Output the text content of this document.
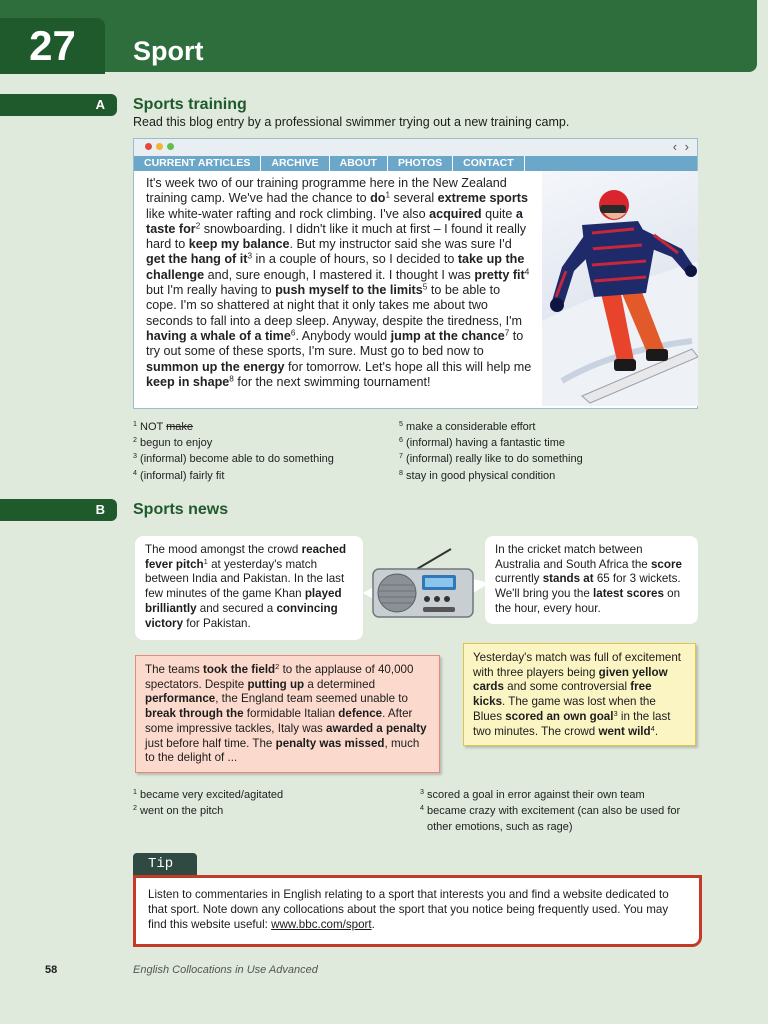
27	Sport
A	Sports training
Read this blog entry by a professional swimmer trying out a new training camp.
‹ ›
CURRENT ARTICLES	ARCHIVE	ABOUT	PHOTOS	CONTACT
It's week two of our training programme here in the New Zealand training camp. We've had the chance to $do^1$ several extreme sports like white-water rafting and rock climbing. I've also acquired quite a taste for$^2$ snowboarding. I didn't like it much at first – I found it really hard to keep my balance. But my instructor said she was sure I'd get the hang of $it^3$ in a couple of hours, so I decided to take up the challenge and, sure enough, I mastered it. I thought I was pretty fit$^4$ but I'm really having to push myself to the limits$^5$ to be able to cope. I'm so shattered at night that it only takes me about two seconds to fall into a deep sleep. Anyway, despite the tiredness, I'm having a whale of a time$^6$. Anybody would jump at the chance$^7$ to try out some of these sports, I'm sure. Must go to bed now to summon up the energy for tomorrow. Let's hope all this will help me keep in shape$^8$ for the next swimming tournament!
$^1$ NOT make
$^2$ begun to enjoy
$^3$ (informal) become able to do something
$^4$ (informal) fairly fit
$^5$ make a considerable effort
$^6$ (informal) having a fantastic time
$^7$ (informal) really like to do something
$^8$ stay in good physical condition
B	Sports news
The mood amongst the crowd reached fever pitch$^1$ at yesterday's match between India and Pakistan. In the last few minutes of the game Khan played brilliantly and secured a convincing victory for Pakistan.
In the cricket match between Australia and South Africa the score currently stands at 65 for 3 wickets. We'll bring you the latest scores on the hour, every hour.
The teams took the field$^2$ to the applause of 40,000 spectators. Despite putting up a determined performance, the England team seemed unable to break through the formidable Italian defence. After some impressive tackles, Italy was awarded a penalty just before half time. The penalty was missed, much to the delight of ...
Yesterday's match was full of excitement with three players being given yellow cards and some controversial free kicks. The game was lost when the Blues scored an own goal$^3$ in the last two minutes. The crowd went wild$^4$.
$^1$ became very excited/agitated
$^2$ went on the pitch
$^3$ scored a goal in error against their own team
$^4$ became crazy with excitement (can also be used for
other emotions, such as rage)
Tip
Listen to commentaries in English relating to a sport that interests you and find a website dedicated to that sport. Note down any collocations about the sport that you notice being frequently used. You may find this website useful: www.bbc.com/sport.
58	English Collocations in Use Advanced
